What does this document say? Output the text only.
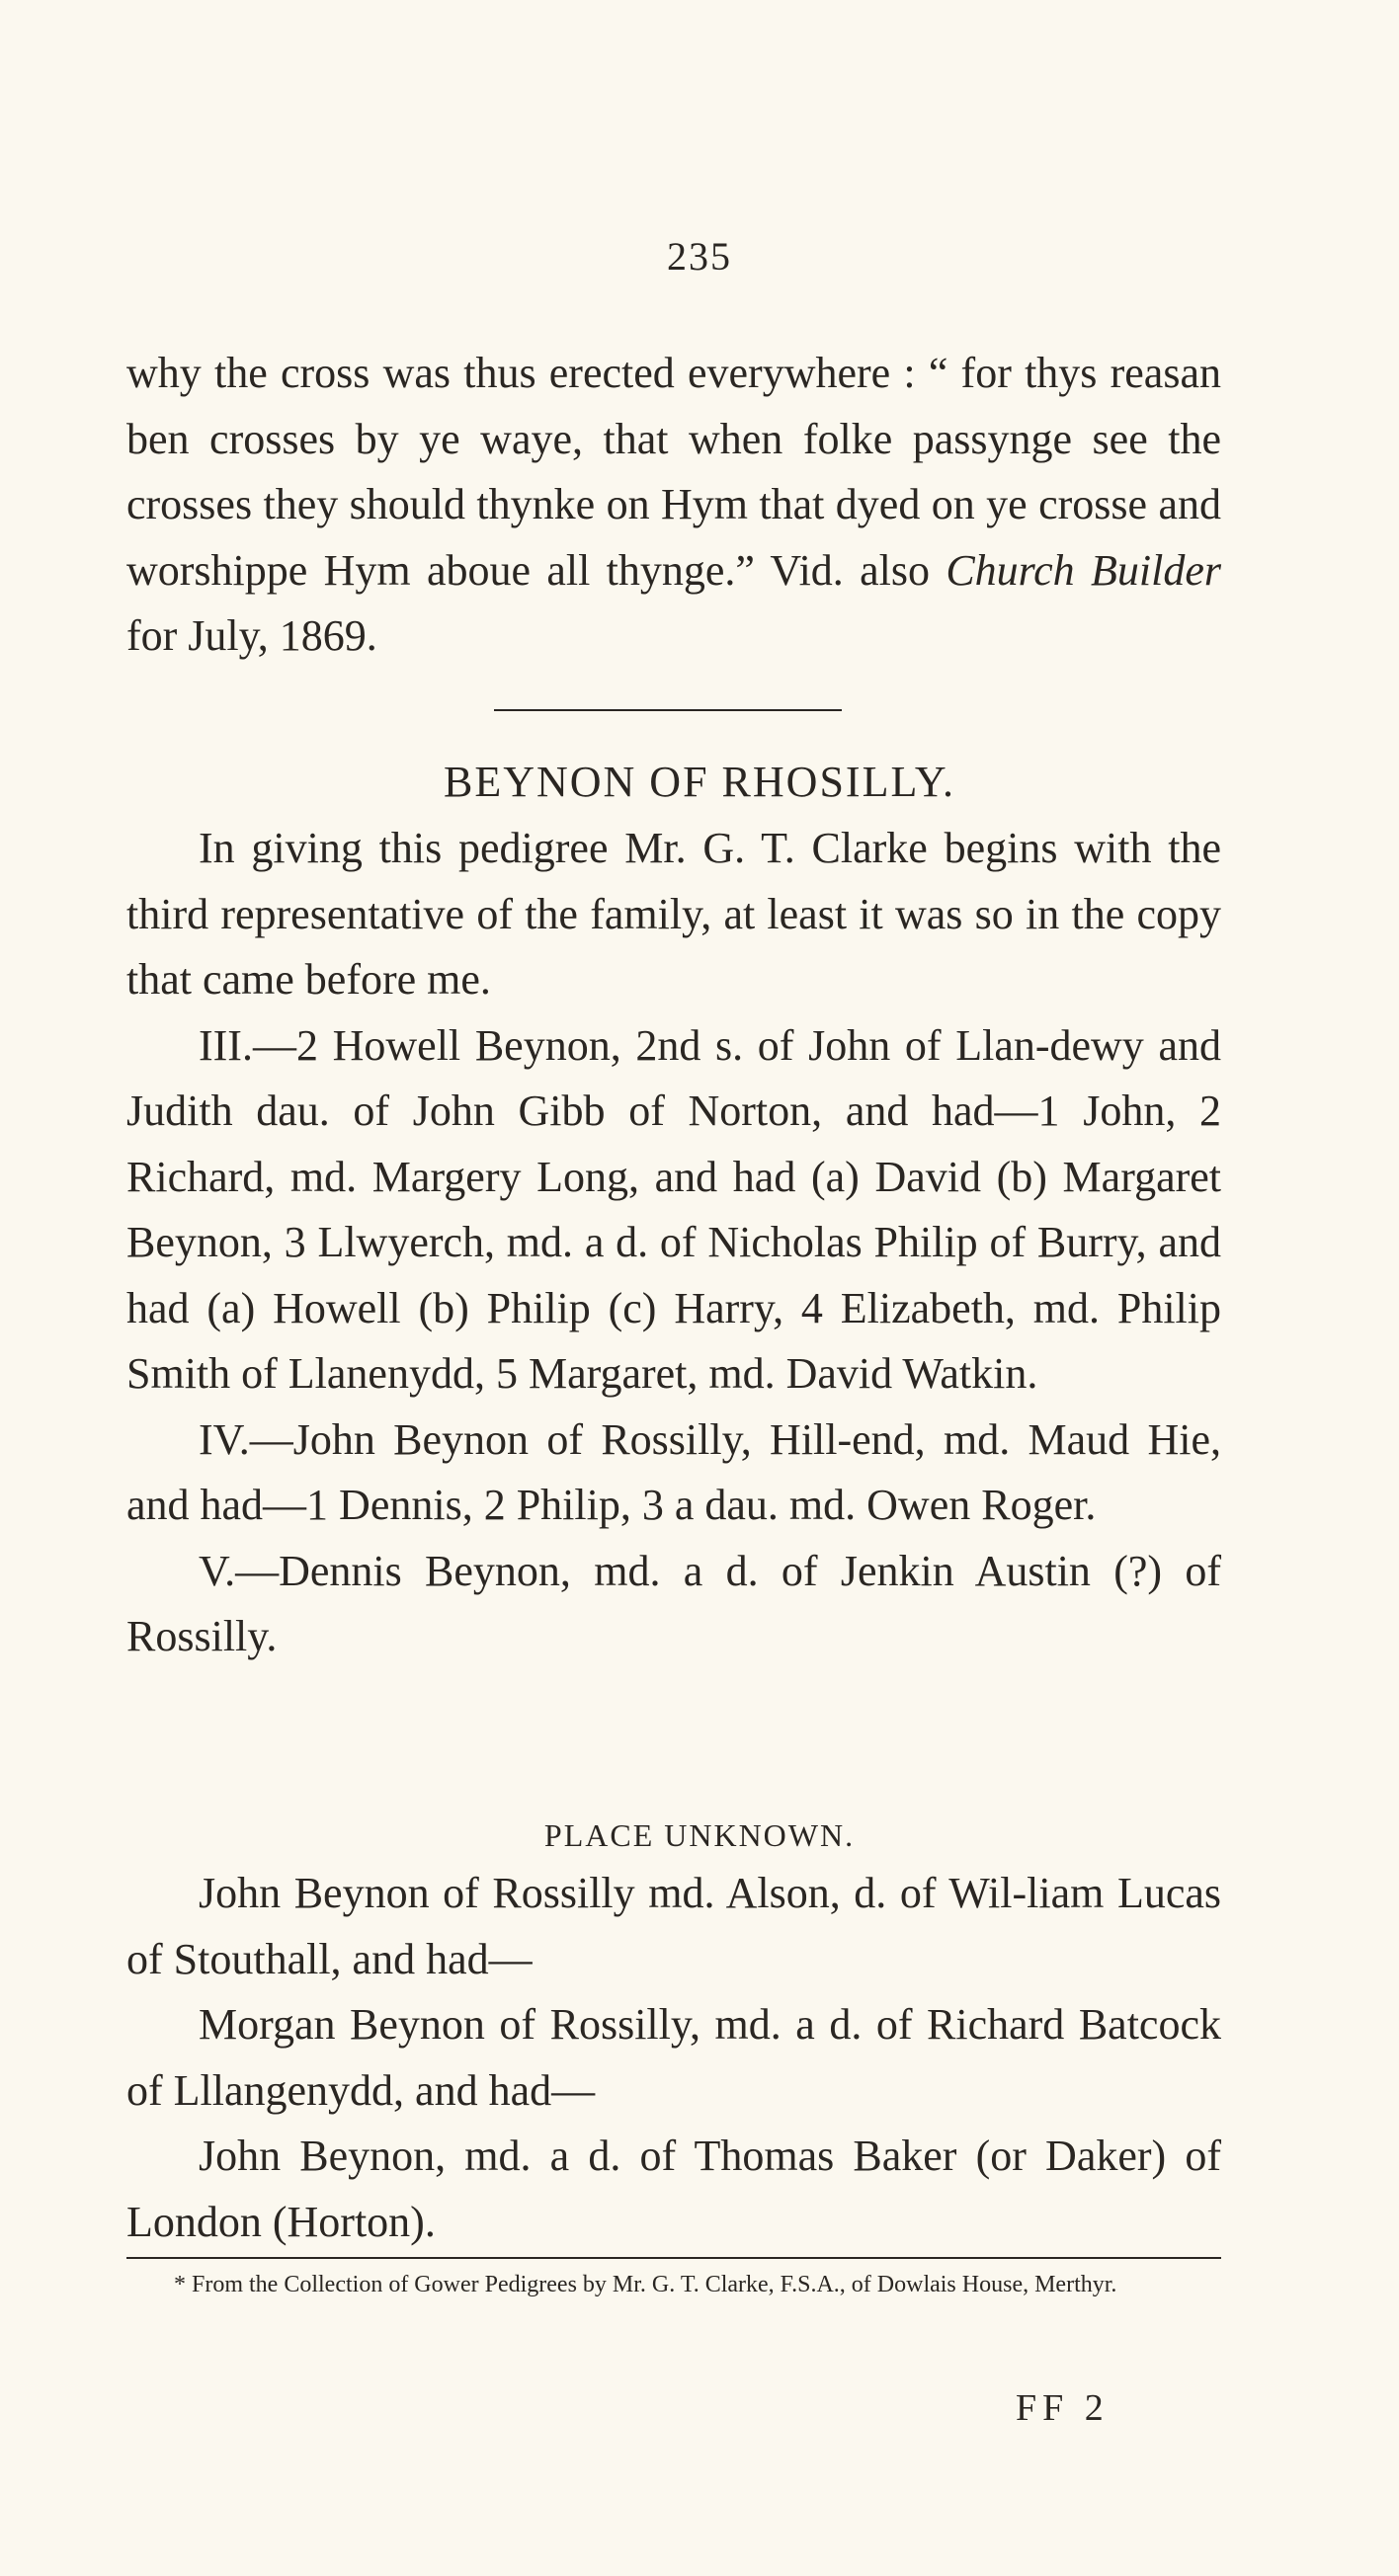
235

why the cross was thus erected everywhere : “ for thys reasan ben crosses by ye waye, that when folke passynge see the crosses they should thynke on Hym that dyed on ye crosse and worshippe Hym aboue all thynge.” Vid. also Church Builder for July, 1869.

BEYNON OF RHOSILLY.

In giving this pedigree Mr. G. T. Clarke begins with the third representative of the family, at least it was so in the copy that came before me.

III.—2 Howell Beynon, 2nd s. of John of Llan-dewy and Judith dau. of John Gibb of Norton, and had—1 John, 2 Richard, md. Margery Long, and had (a) David (b) Margaret Beynon, 3 Llwyerch, md. a d. of Nicholas Philip of Burry, and had (a) Howell (b) Philip (c) Harry, 4 Elizabeth, md. Philip Smith of Llanenydd, 5 Margaret, md. David Watkin.

IV.—John Beynon of Rossilly, Hill-end, md. Maud Hie, and had—1 Dennis, 2 Philip, 3 a dau. md. Owen Roger.

V.—Dennis Beynon, md. a d. of Jenkin Austin (?) of Rossilly.

PLACE UNKNOWN.

John Beynon of Rossilly md. Alson, d. of Wil-liam Lucas of Stouthall, and had—

Morgan Beynon of Rossilly, md. a d. of Richard Batcock of Lllangenydd, and had—

John Beynon, md. a d. of Thomas Baker (or Daker) of London (Horton).

* From the Collection of Gower Pedigrees by Mr. G. T. Clarke, F.S.A., of Dowlais House, Merthyr.

FF 2
